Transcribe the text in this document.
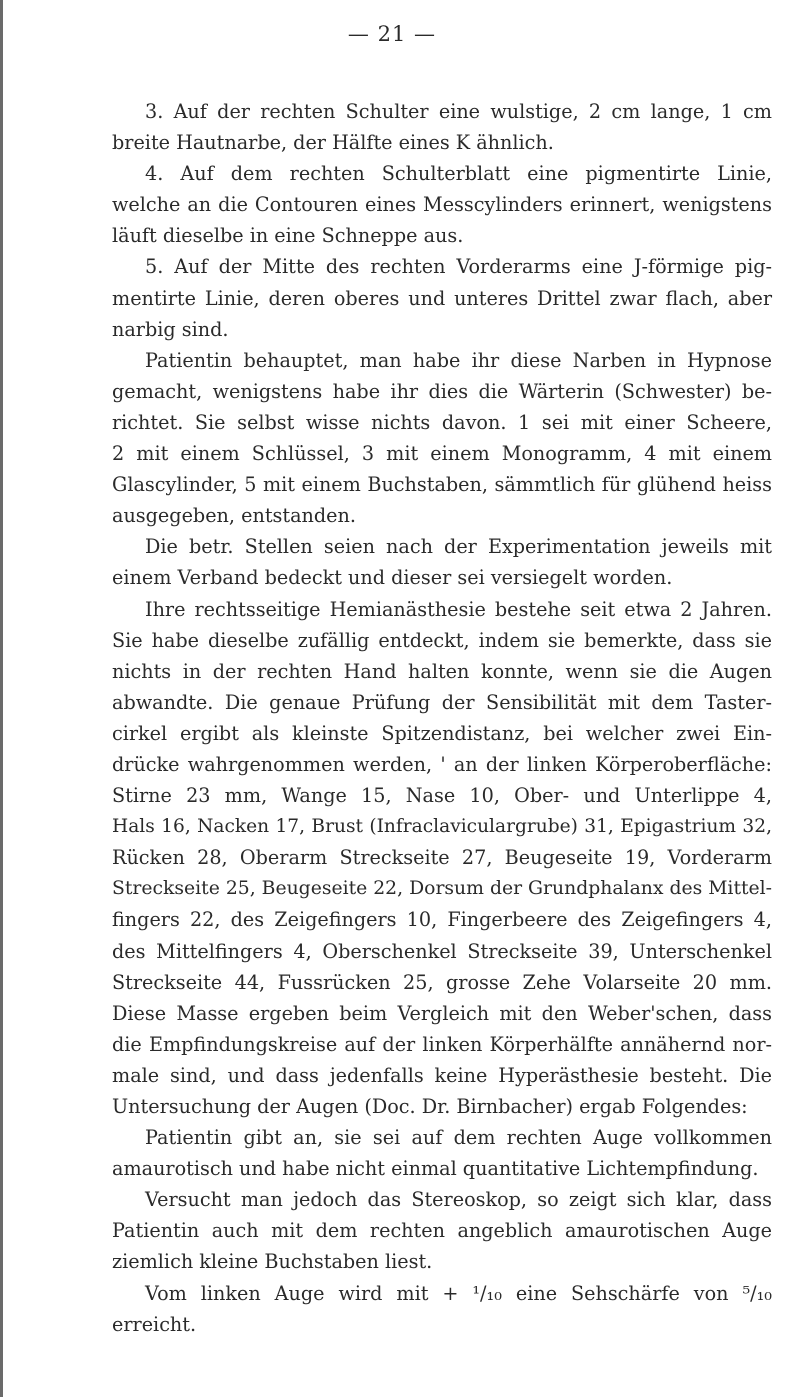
— 21 —
3. Auf der rechten Schulter eine wulstige, 2 cm lange, 1 cm
breite Hautnarbe, der Hälfte eines K ähnlich.
4. Auf dem rechten Schulterblatt eine pigmentirte Linie,
welche an die Contouren eines Messcylinders erinnert, wenigstens
läuft dieselbe in eine Schneppe aus.
5. Auf der Mitte des rechten Vorderarms eine J-förmige pig-
mentirte Linie, deren oberes und unteres Drittel zwar flach, aber
narbig sind.
Patientin behauptet, man habe ihr diese Narben in Hypnose
gemacht, wenigstens habe ihr dies die Wärterin (Schwester) be-
richtet. Sie selbst wisse nichts davon. 1 sei mit einer Scheere,
2 mit einem Schlüssel, 3 mit einem Monogramm, 4 mit einem
Glascylinder, 5 mit einem Buchstaben, sämmtlich für glühend heiss
ausgegeben, entstanden.
Die betr. Stellen seien nach der Experimentation jeweils mit
einem Verband bedeckt und dieser sei versiegelt worden.
Ihre rechtsseitige Hemianästhesie bestehe seit etwa 2 Jahren.
Sie habe dieselbe zufällig entdeckt, indem sie bemerkte, dass sie
nichts in der rechten Hand halten konnte, wenn sie die Augen
abwandte. Die genaue Prüfung der Sensibilität mit dem Taster-
cirkel ergibt als kleinste Spitzendistanz, bei welcher zwei Ein-
drücke wahrgenommen werden, ' an der linken Körperoberfläche:
Stirne 23 mm, Wange 15, Nase 10, Ober- und Unterlippe 4,
Hals 16, Nacken 17, Brust (Infraclaviculargrube) 31, Epigastrium 32,
Rücken 28, Oberarm Streckseite 27, Beugeseite 19, Vorderarm
Streckseite 25, Beugeseite 22, Dorsum der Grundphalanx des Mittel-
fingers 22, des Zeigefingers 10, Fingerbeere des Zeigefingers 4,
des Mittelfingers 4, Oberschenkel Streckseite 39, Unterschenkel
Streckseite 44, Fussrücken 25, grosse Zehe Volarseite 20 mm.
Diese Masse ergeben beim Vergleich mit den Weber'schen, dass
die Empfindungskreise auf der linken Körperhälfte annähernd nor-
male sind, und dass jedenfalls keine Hyperästhesie besteht. Die
Untersuchung der Augen (Doc. Dr. Birnbacher) ergab Folgendes:
Patientin gibt an, sie sei auf dem rechten Auge vollkommen
amaurotisch und habe nicht einmal quantitative Lichtempfindung.
Versucht man jedoch das Stereoskop, so zeigt sich klar, dass
Patientin auch mit dem rechten angeblich amaurotischen Auge
ziemlich kleine Buchstaben liest.
Vom linken Auge wird mit + ¹/₁₀ eine Sehschärfe von ⁵/₁₀
erreicht.
